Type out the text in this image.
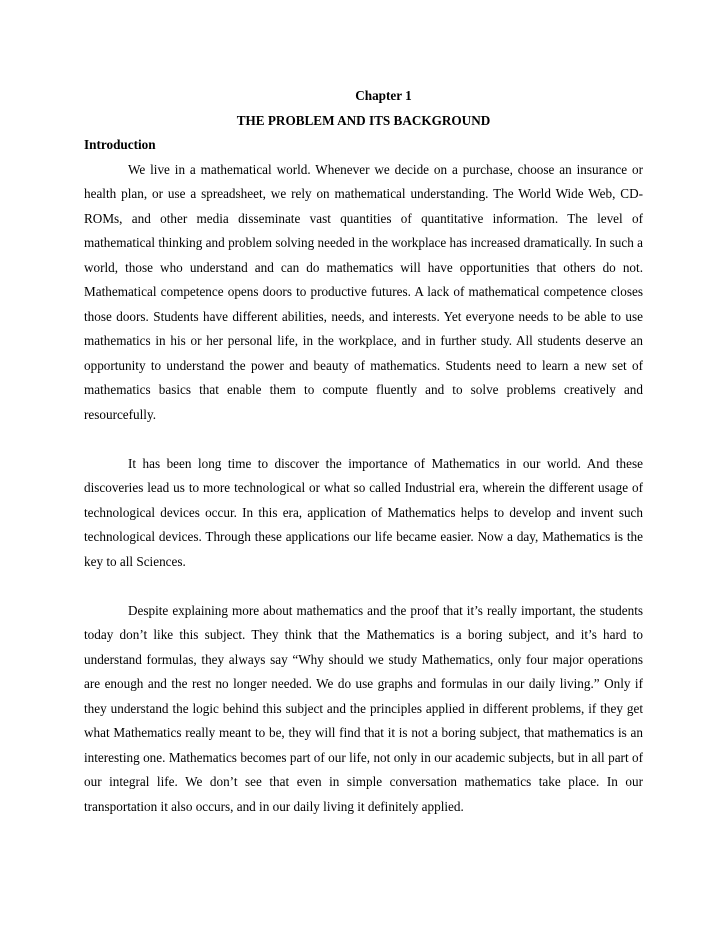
Chapter 1

THE PROBLEM AND ITS BACKGROUND

Introduction

We live in a mathematical world. Whenever we decide on a purchase, choose an insurance or health plan, or use a spreadsheet, we rely on mathematical understanding. The World Wide Web, CD-ROMs, and other media disseminate vast quantities of quantitative information. The level of mathematical thinking and problem solving needed in the workplace has increased dramatically. In such a world, those who understand and can do mathematics will have opportunities that others do not. Mathematical competence opens doors to productive futures. A lack of mathematical competence closes those doors. Students have different abilities, needs, and interests. Yet everyone needs to be able to use mathematics in his or her personal life, in the workplace, and in further study. All students deserve an opportunity to understand the power and beauty of mathematics. Students need to learn a new set of mathematics basics that enable them to compute fluently and to solve problems creatively and resourcefully.

It has been long time to discover the importance of Mathematics in our world. And these discoveries lead us to more technological or what so called Industrial era, wherein the different usage of technological devices occur. In this era, application of Mathematics helps to develop and invent such technological devices. Through these applications our life became easier. Now a day, Mathematics is the key to all Sciences.

Despite explaining more about mathematics and the proof that it’s really important, the students today don’t like this subject. They think that the Mathematics is a boring subject, and it’s hard to understand formulas, they always say “Why should we study Mathematics, only four major operations are enough and the rest no longer needed. We do use graphs and formulas in our daily living.” Only if they understand the logic behind this subject and the principles applied in different problems, if they get what Mathematics really meant to be, they will find that it is not a boring subject, that mathematics is an interesting one. Mathematics becomes part of our life, not only in our academic subjects, but in all part of our integral life. We don’t see that even in simple conversation mathematics take place. In our transportation it also occurs, and in our daily living it definitely applied.
